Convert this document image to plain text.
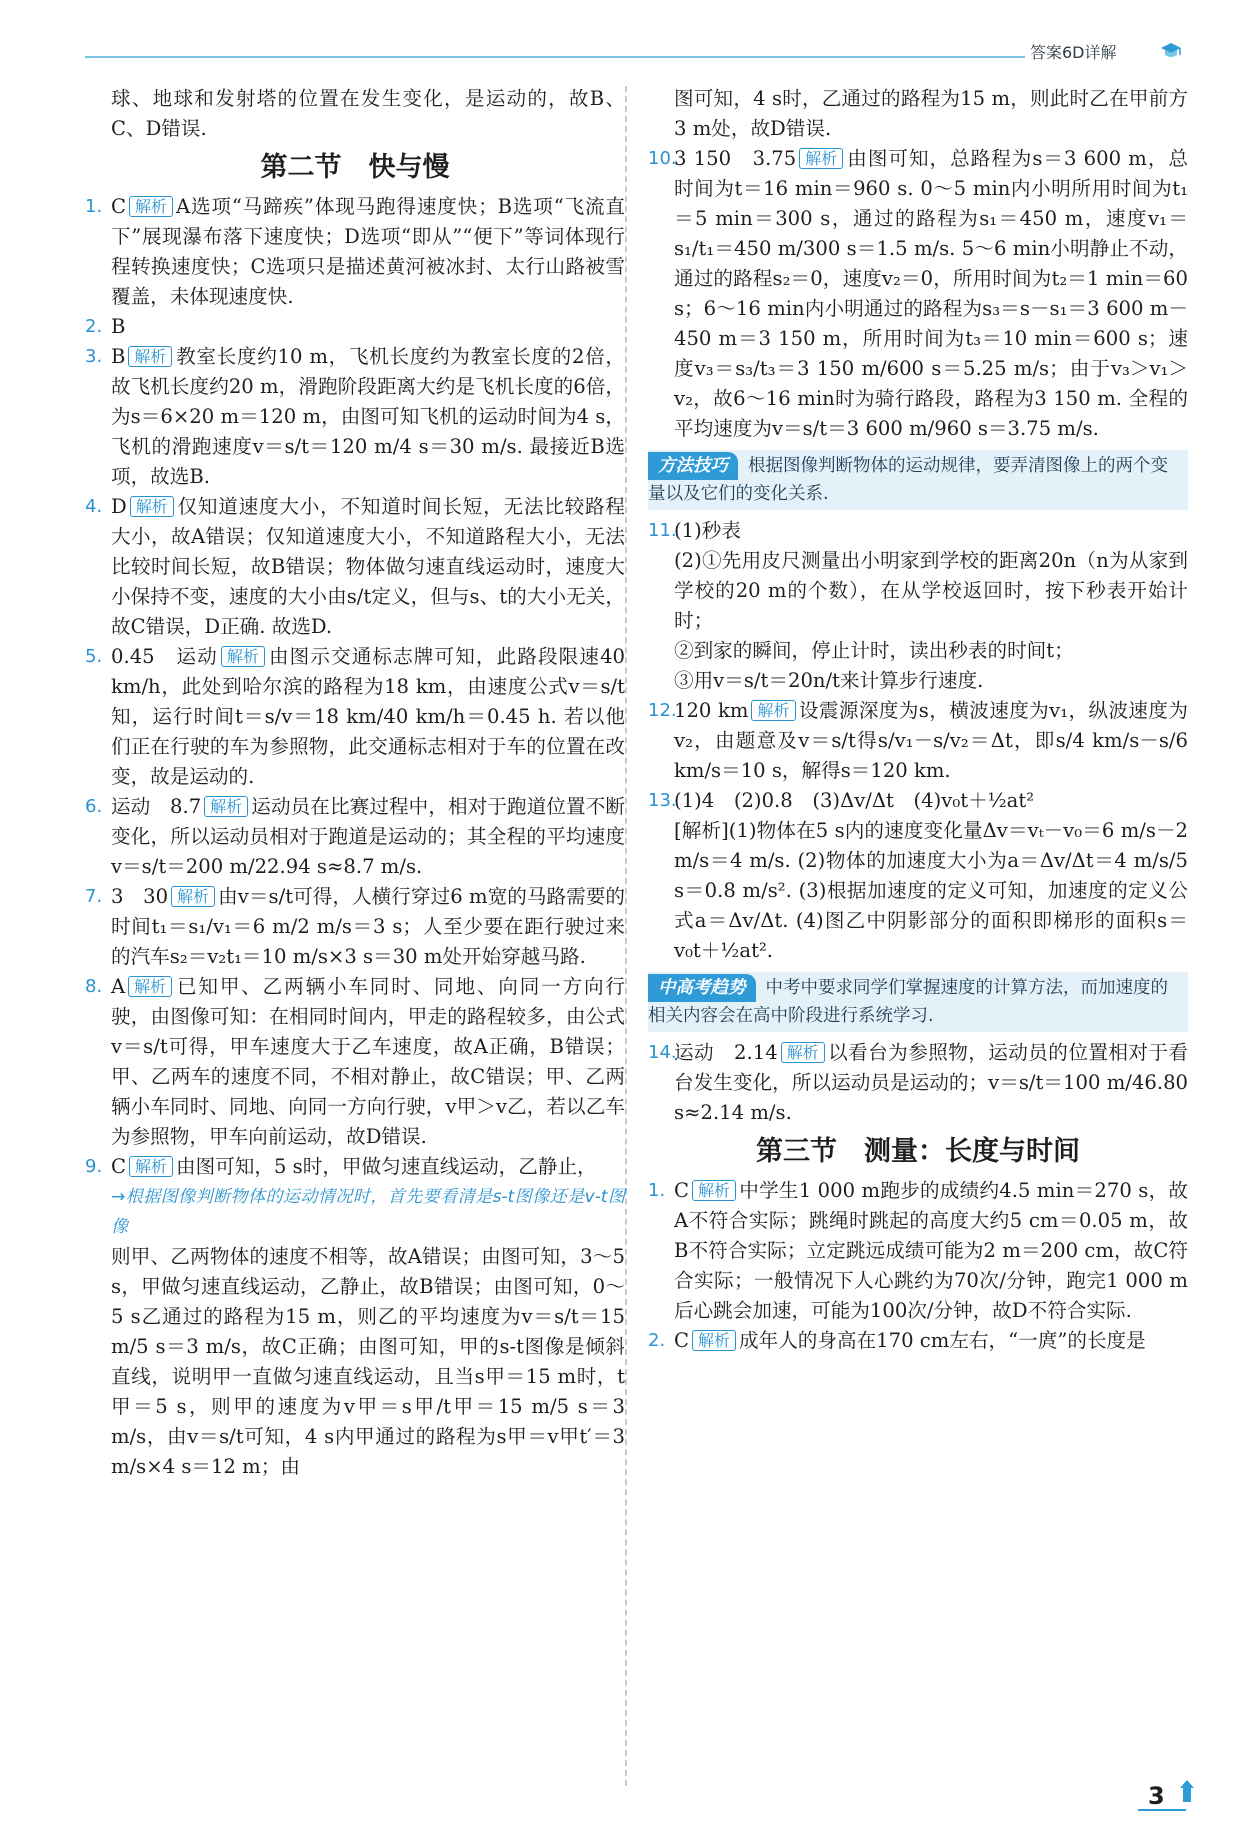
答案6D详解

球、地球和发射塔的位置在发生变化，是运动的，故B、C、D错误.

第二节　快与慢

1. C 解析 A选项“马蹄疾”体现马跑得速度快；B选项“飞流直下”展现瀑布落下速度快；D选项“即从”“便下”等词体现行程转换速度快；C选项只是描述黄河被冰封、太行山路被雪覆盖，未体现速度快.

2. B

3. B 解析 教室长度约10 m，飞机长度约为教室长度的2倍，故飞机长度约20 m，滑跑阶段距离大约是飞机长度的6倍，为s＝6×20 m＝120 m，由图可知飞机的运动时间为4 s，飞机的滑跑速度v＝s/t＝120 m/4 s＝30 m/s. 最接近B选项，故选B.

4. D 解析 仅知道速度大小，不知道时间长短，无法比较路程大小，故A错误；仅知道速度大小，不知道路程大小，无法比较时间长短，故B错误；物体做匀速直线运动时，速度大小保持不变，速度的大小由s/t定义，但与s、t的大小无关，故C错误，D正确. 故选D.

5. 0.45　运动 解析 由图示交通标志牌可知，此路段限速40 km/h，此处到哈尔滨的路程为18 km，由速度公式v＝s/t知，运行时间t＝s/v＝18 km/40 km/h＝0.45 h. 若以他们正在行驶的车为参照物，此交通标志相对于车的位置在改变，故是运动的.

6. 运动　8.7 解析 运动员在比赛过程中，相对于跑道位置不断变化，所以运动员相对于跑道是运动的；其全程的平均速度v＝s/t＝200 m/22.94 s≈8.7 m/s.

7. 3　30 解析 由v＝s/t可得，人横行穿过6 m宽的马路需要的时间t₁＝s₁/v₁＝6 m/2 m/s＝3 s；人至少要在距行驶过来的汽车s₂＝v₂t₁＝10 m/s×3 s＝30 m处开始穿越马路.

8. A 解析 已知甲、乙两辆小车同时、同地、向同一方向行驶，由图像可知：在相同时间内，甲走的路程较多，由公式v＝s/t可得，甲车速度大于乙车速度，故A正确，B错误；甲、乙两车的速度不同，不相对静止，故C错误；甲、乙两辆小车同时、同地、向同一方向行驶，v甲＞v乙，若以乙车为参照物，甲车向前运动，故D错误.

9. C 解析 由图可知，5 s时，甲做匀速直线运动，乙静止，

→根据图像判断物体的运动情况时，首先要看清是s-t图像还是v-t图像

则甲、乙两物体的速度不相等，故A错误；由图可知，3～5 s，甲做匀速直线运动，乙静止，故B错误；由图可知，0～5 s乙通过的路程为15 m，则乙的平均速度为v＝s/t＝15 m/5 s＝3 m/s，故C正确；由图可知，甲的s-t图像是倾斜直线，说明甲一直做匀速直线运动，且当s甲＝15 m时，t甲＝5 s，则甲的速度为v甲＝s甲/t甲＝15 m/5 s＝3 m/s，由v＝s/t可知，4 s内甲通过的路程为s甲＝v甲t′＝3 m/s×4 s＝12 m；由

图可知，4 s时，乙通过的路程为15 m，则此时乙在甲前方3 m处，故D错误.

10.
3 150　3.75 解析 由图可知，总路程为s＝3 600 m，总时间为t＝16 min＝960 s. 0～5 min内小明所用时间为t₁＝5 min＝300 s，通过的路程为s₁＝450 m，速度v₁＝s₁/t₁＝450 m/300 s＝1.5 m/s. 5～6 min小明静止不动，通过的路程s₂＝0，速度v₂＝0，所用时间为t₂＝1 min＝60 s；6～16 min内小明通过的路程为s₃＝s－s₁＝3 600 m－450 m＝3 150 m，所用时间为t₃＝10 min＝600 s；速度v₃＝s₃/t₃＝3 150 m/600 s＝5.25 m/s；由于v₃＞v₁＞v₂，故6～16 min时为骑行路段，路程为3 150 m. 全程的平均速度为v＝s/t＝3 600 m/960 s＝3.75 m/s.

方法技巧 根据图像判断物体的运动规律，要弄清图像上的两个变量以及它们的变化关系.

11.
(1)秒表

(2)①先用皮尺测量出小明家到学校的距离20n（n为从家到学校的20 m的个数），在从学校返回时，按下秒表开始计时；

②到家的瞬间，停止计时，读出秒表的时间t；

③用v＝s/t＝20n/t来计算步行速度.

12.
120 km 解析 设震源深度为s，横波速度为v₁，纵波速度为v₂，由题意及v＝s/t得s/v₁－s/v₂＝Δt，即s/4 km/s－s/6 km/s＝10 s，解得s＝120 km.

13.
(1)4　(2)0.8　(3)Δv/Δt　(4)v₀t＋½at²

[解析](1)物体在5 s内的速度变化量Δv＝vₜ－v₀＝6 m/s－2 m/s＝4 m/s. (2)物体的加速度大小为a＝Δv/Δt＝4 m/s/5 s＝0.8 m/s². (3)根据加速度的定义可知，加速度的定义公式a＝Δv/Δt. (4)图乙中阴影部分的面积即梯形的面积s＝v₀t＋½at².

中高考趋势 中考中要求同学们掌握速度的计算方法，而加速度的相关内容会在高中阶段进行系统学习.

14.
运动　2.14 解析 以看台为参照物，运动员的位置相对于看台发生变化，所以运动员是运动的；v＝s/t＝100 m/46.80 s≈2.14 m/s.

第三节　测量：长度与时间

1. C 解析 中学生1 000 m跑步的成绩约4.5 min＝270 s，故A不符合实际；跳绳时跳起的高度大约5 cm＝0.05 m，故B不符合实际；立定跳远成绩可能为2 m＝200 cm，故C符合实际；一般情况下人心跳约为70次/分钟，跑完1 000 m后心跳会加速，可能为100次/分钟，故D不符合实际.

2. C 解析 成年人的身高在170 cm左右，“一庹”的长度是

3
